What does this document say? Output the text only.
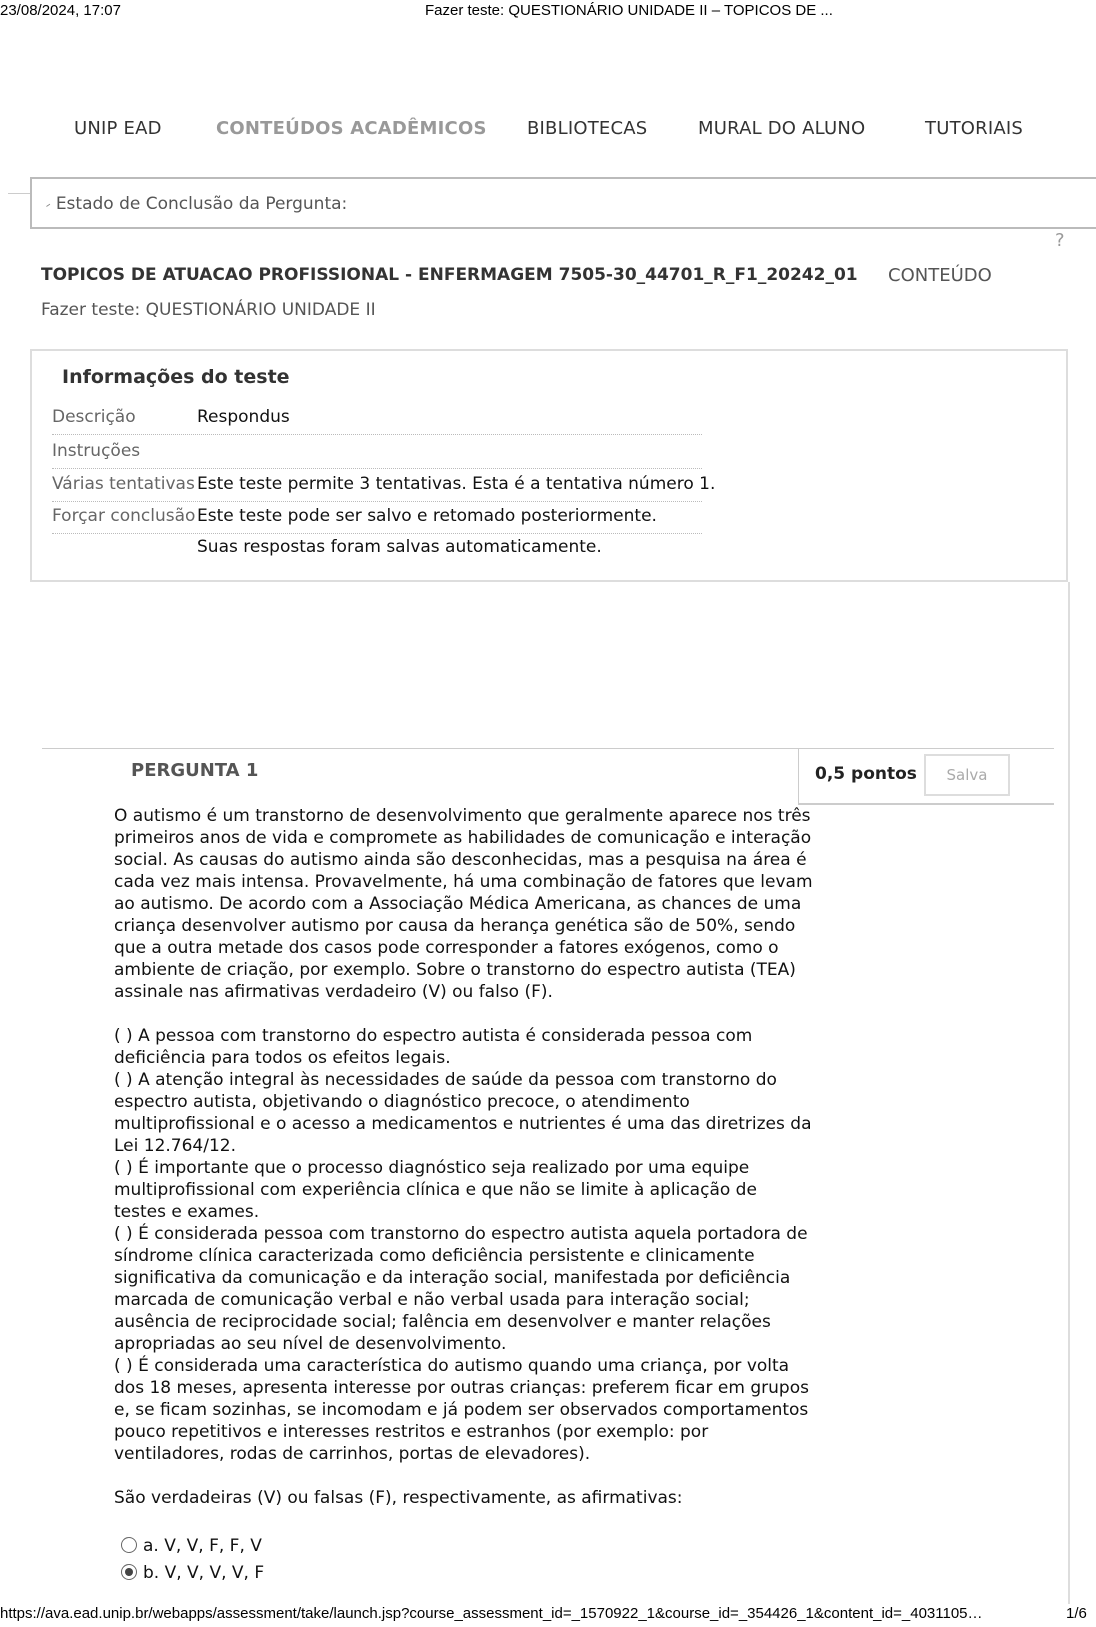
23/08/2024, 17:07	Fazer teste: QUESTIONÁRIO UNIDADE II – TOPICOS DE ...
UNIP EAD	CONTEÚDOS ACADÊMICOS BIBLIOTECAS	MURAL DO ALUNO	TUTORIAIS
⹝ Estado de Conclusão da Pergunta:
?
TOPICOS DE ATUACAO PROFISSIONAL - ENFERMAGEM 7505-30_44701_R_F1_20242_01 CONTEÚDO
Fazer teste: QUESTIONÁRIO UNIDADE II
Informações do teste
Descrição	Respondus
Instruções
Várias tentativas Este teste permite 3 tentativas. Esta é a tentativa número 1.
Forçar conclusão Este teste pode ser salvo e retomado posteriormente.
Suas respostas foram salvas automaticamente.
PERGUNTA 1	0,5 pontos	Salva

O autismo é um transtorno de desenvolvimento que geralmente aparece nos três primeiros anos de vida e compromete as habilidades de comunicação e interação social. As causas do autismo ainda são desconhecidas, mas a pesquisa na área é cada vez mais intensa. Provavelmente, há uma combinação de fatores que levam ao autismo. De acordo com a Associação Médica Americana, as chances de uma criança desenvolver autismo por causa da herança genética são de 50%, sendo que a outra metade dos casos pode corresponder a fatores exógenos, como o ambiente de criação, por exemplo. Sobre o transtorno do espectro autista (TEA) assinale nas afirmativas verdadeiro (V) ou falso (F).

( ) A pessoa com transtorno do espectro autista é considerada pessoa com deficiência para todos os efeitos legais.

( ) A atenção integral às necessidades de saúde da pessoa com transtorno do espectro autista, objetivando o diagnóstico precoce, o atendimento multiprofissional e o acesso a medicamentos e nutrientes é uma das diretrizes da Lei 12.764/12.

( ) É importante que o processo diagnóstico seja realizado por uma equipe multiprofissional com experiência clínica e que não se limite à aplicação de testes e exames.

( ) É considerada pessoa com transtorno do espectro autista aquela portadora de síndrome clínica caracterizada como deficiência persistente e clinicamente significativa da comunicação e da interação social, manifestada por deficiência marcada de comunicação verbal e não verbal usada para interação social; ausência de reciprocidade social; falência em desenvolver e manter relações apropriadas ao seu nível de desenvolvimento.

( ) É considerada uma característica do autismo quando uma criança, por volta dos 18 meses, apresenta interesse por outras crianças: preferem ficar em grupos e, se ficam sozinhas, se incomodam e já podem ser observados comportamentos pouco repetitivos e interesses restritos e estranhos (por exemplo: por ventiladores, rodas de carrinhos, portas de elevadores).

São verdadeiras (V) ou falsas (F), respectivamente, as afirmativas:

a. V, V, F, F, V
b. V, V, V, V, F
https://ava.ead.unip.br/webapps/assessment/take/launch.jsp?course_assessment_id=_1570922_1&course_id=_354426_1&content_id=_4031105…	1/6
